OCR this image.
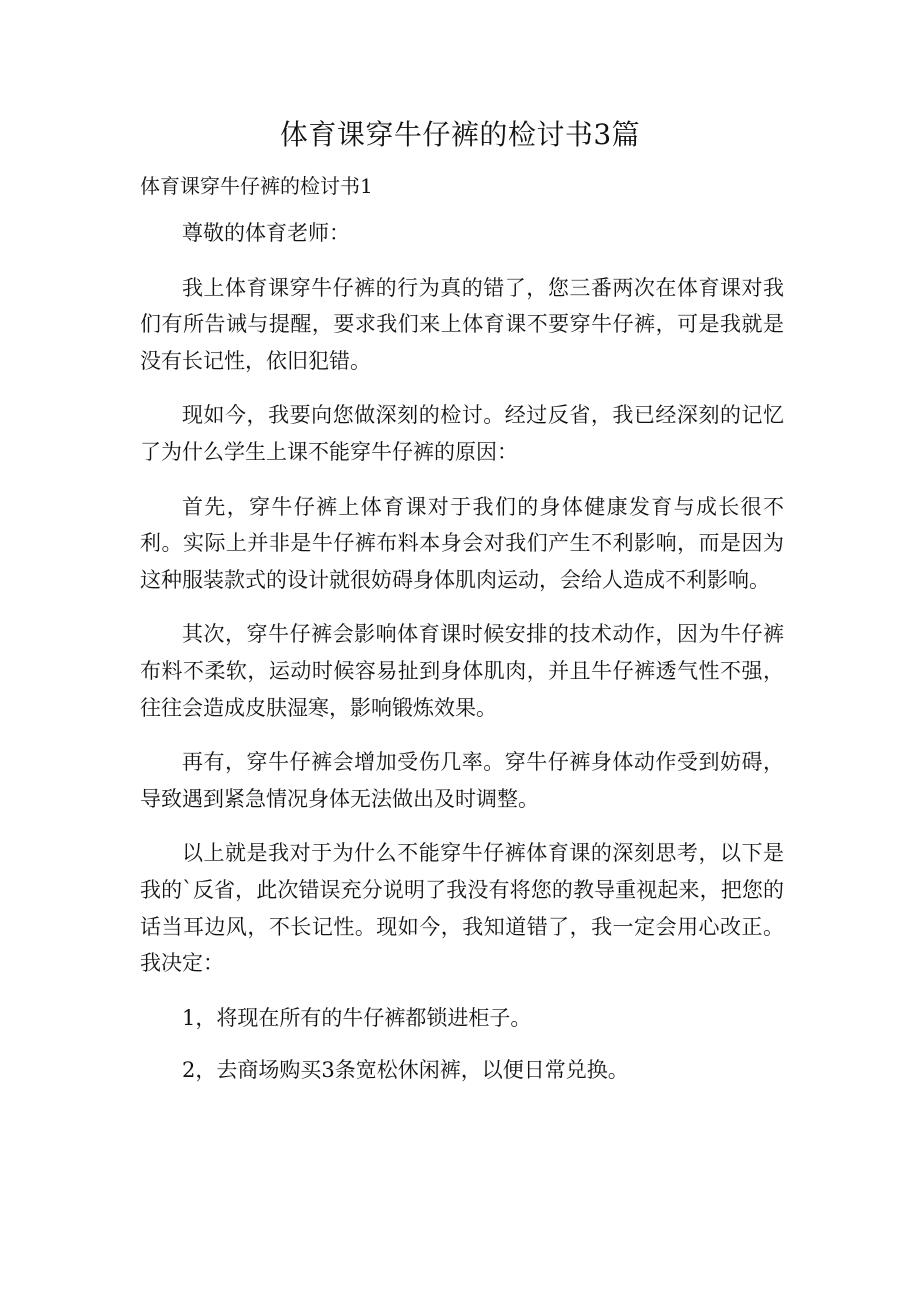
体育课穿牛仔裤的检讨书3篇
体育课穿牛仔裤的检讨书1

尊敬的体育老师：

我上体育课穿牛仔裤的行为真的错了，您三番两次在体育课对我们有所告诫与提醒，要求我们来上体育课不要穿牛仔裤，可是我就是没有长记性，依旧犯错。

现如今，我要向您做深刻的检讨。经过反省，我已经深刻的记忆了为什么学生上课不能穿牛仔裤的原因：

首先，穿牛仔裤上体育课对于我们的身体健康发育与成长很不利。实际上并非是牛仔裤布料本身会对我们产生不利影响，而是因为这种服装款式的设计就很妨碍身体肌肉运动，会给人造成不利影响。

其次，穿牛仔裤会影响体育课时候安排的技术动作，因为牛仔裤布料不柔软，运动时候容易扯到身体肌肉，并且牛仔裤透气性不强，往往会造成皮肤湿寒，影响锻炼效果。

再有，穿牛仔裤会增加受伤几率。穿牛仔裤身体动作受到妨碍，导致遇到紧急情况身体无法做出及时调整。

以上就是我对于为什么不能穿牛仔裤体育课的深刻思考，以下是我的`反省，此次错误充分说明了我没有将您的教导重视起来，把您的话当耳边风，不长记性。现如今，我知道错了，我一定会用心改正。我决定：

1，将现在所有的牛仔裤都锁进柜子。

2，去商场购买3条宽松休闲裤，以便日常兑换。
